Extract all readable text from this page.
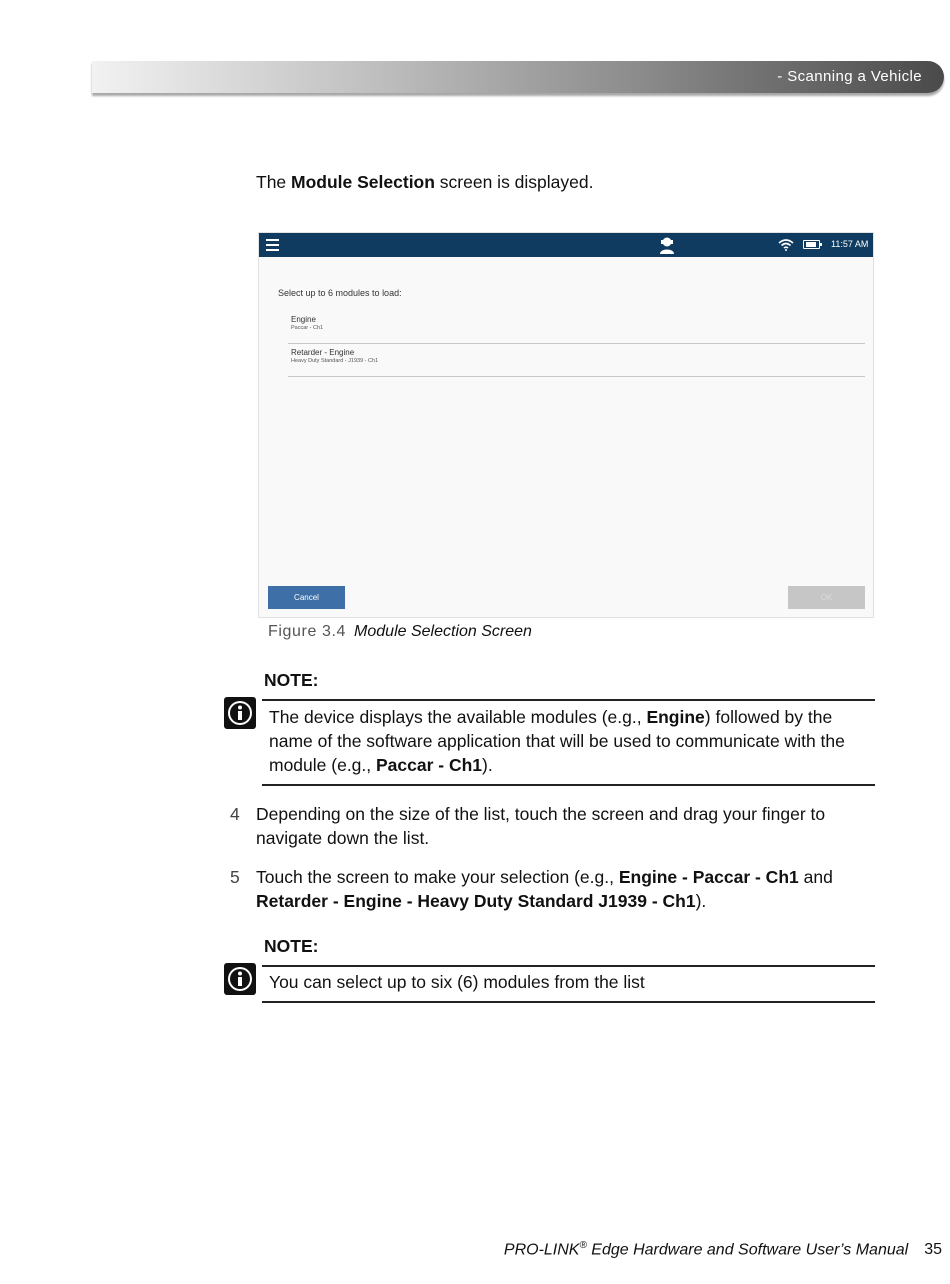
- Scanning a Vehicle
The Module Selection screen is displayed.
11:57 AM
Select up to 6 modules to load:
Engine
Paccar - Ch1
Retarder - Engine
Heavy Duty Standard - J1939 - Ch1
Cancel	OK
Figure 3.4 Module Selection Screen
NOTE:
The device displays the available modules (e.g., Engine) followed by the name of the software application that will be used to communicate with the module (e.g., Paccar - Ch1).
4 Depending on the size of the list, touch the screen and drag your finger to navigate down the list.
5 Touch the screen to make your selection (e.g., Engine - Paccar - Ch1 and Retarder - Engine - Heavy Duty Standard J1939 - Ch1).
NOTE:
You can select up to six (6) modules from the list
PRO-LINK® Edge Hardware and Software User’s Manual 35
